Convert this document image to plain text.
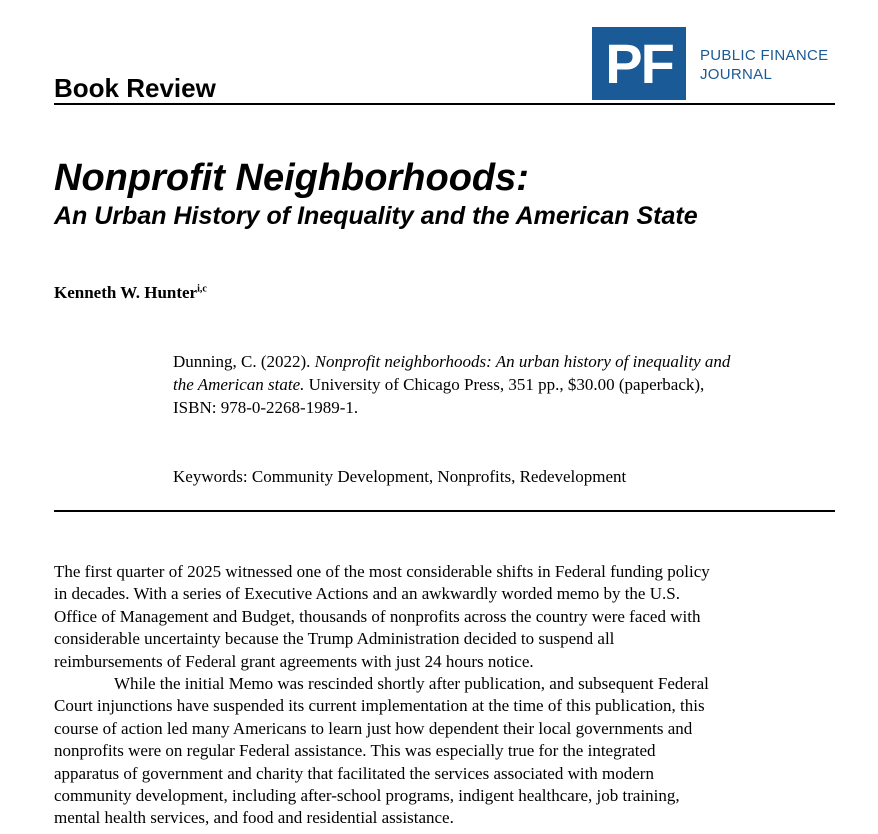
Book Review	PF PUBLIC FINANCE
JOURNAL
Nonprofit Neighborhoods:
An Urban History of Inequality and the American State
Kenneth W. Hunter$^{i,c}$
Dunning, C. (2022). Nonprofit neighborhoods: An urban history of inequality and
the American state. University of Chicago Press, 351 pp., $30.00 (paperback),
ISBN: 978-0-2268-1989-1.
Keywords: Community Development, Nonprofits, Redevelopment
The first quarter of 2025 witnessed one of the most considerable shifts in Federal funding policy
in decades. With a series of Executive Actions and an awkwardly worded memo by the U.S.
Office of Management and Budget, thousands of nonprofits across the country were faced with
considerable uncertainty because the Trump Administration decided to suspend all
reimbursements of Federal grant agreements with just 24 hours notice.
While the initial Memo was rescinded shortly after publication, and subsequent Federal
Court injunctions have suspended its current implementation at the time of this publication, this
course of action led many Americans to learn just how dependent their local governments and
nonprofits were on regular Federal assistance. This was especially true for the integrated
apparatus of government and charity that facilitated the services associated with modern
community development, including after-school programs, indigent healthcare, job training,
mental health services, and food and residential assistance.
